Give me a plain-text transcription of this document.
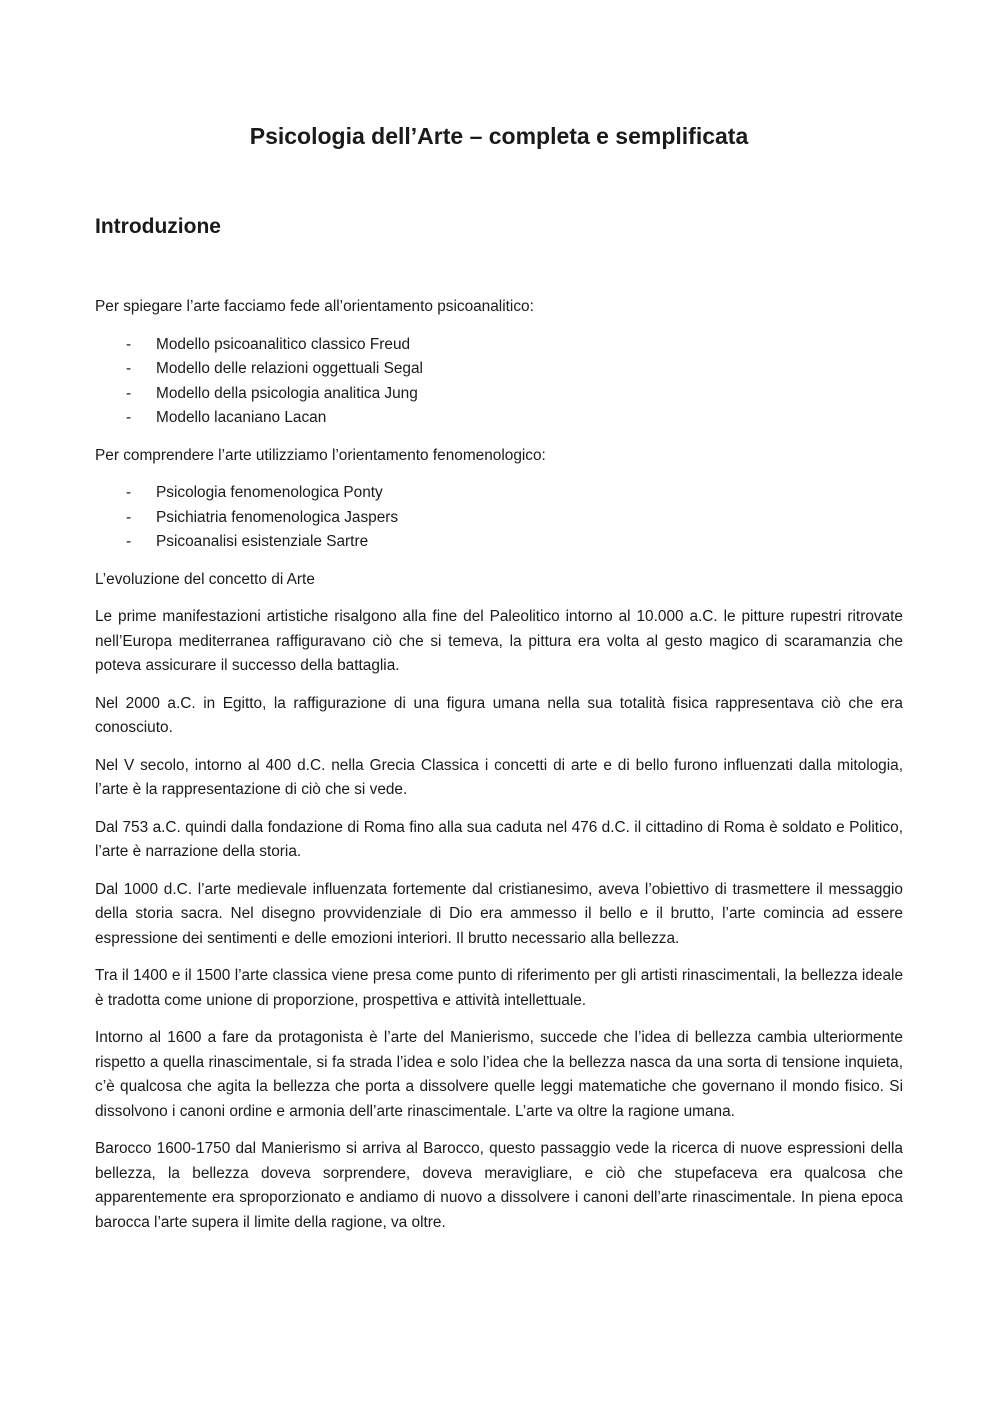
Psicologia dell’Arte – completa e semplificata
Introduzione

Per spiegare l’arte facciamo fede all’orientamento psicoanalitico:

- Modello psicoanalitico classico Freud
- Modello delle relazioni oggettuali Segal
- Modello della psicologia analitica Jung
- Modello lacaniano Lacan

Per comprendere l’arte utilizziamo l’orientamento fenomenologico:

- Psicologia fenomenologica Ponty
- Psichiatria fenomenologica Jaspers
- Psicoanalisi esistenziale Sartre

L’evoluzione del concetto di Arte

Le prime manifestazioni artistiche risalgono alla fine del Paleolitico intorno al 10.000 a.C. le pitture rupestri ritrovate nell’Europa mediterranea raffiguravano ciò che si temeva, la pittura era volta al gesto magico di scaramanzia che poteva assicurare il successo della battaglia.

Nel 2000 a.C. in Egitto, la raffigurazione di una figura umana nella sua totalità fisica rappresentava ciò che era conosciuto.

Nel V secolo, intorno al 400 d.C. nella Grecia Classica i concetti di arte e di bello furono influenzati dalla mitologia, l’arte è la rappresentazione di ciò che si vede.

Dal 753 a.C. quindi dalla fondazione di Roma fino alla sua caduta nel 476 d.C. il cittadino di Roma è soldato e Politico, l’arte è narrazione della storia.

Dal 1000 d.C. l’arte medievale influenzata fortemente dal cristianesimo, aveva l’obiettivo di trasmettere il messaggio della storia sacra. Nel disegno provvidenziale di Dio era ammesso il bello e il brutto, l’arte comincia ad essere espressione dei sentimenti e delle emozioni interiori. Il brutto necessario alla bellezza.

Tra il 1400 e il 1500 l’arte classica viene presa come punto di riferimento per gli artisti rinascimentali, la bellezza ideale è tradotta come unione di proporzione, prospettiva e attività intellettuale.

Intorno al 1600 a fare da protagonista è l’arte del Manierismo, succede che l’idea di bellezza cambia ulteriormente rispetto a quella rinascimentale, si fa strada l’idea e solo l’idea che la bellezza nasca da una sorta di tensione inquieta, c’è qualcosa che agita la bellezza che porta a dissolvere quelle leggi matematiche che governano il mondo fisico. Si dissolvono i canoni ordine e armonia dell’arte rinascimentale. L’arte va oltre la ragione umana.

Barocco 1600-1750 dal Manierismo si arriva al Barocco, questo passaggio vede la ricerca di nuove espressioni della bellezza, la bellezza doveva sorprendere, doveva meravigliare, e ciò che stupefaceva era qualcosa che apparentemente era sproporzionato e andiamo di nuovo a dissolvere i canoni dell’arte rinascimentale. In piena epoca barocca l’arte supera il limite della ragione, va oltre.
